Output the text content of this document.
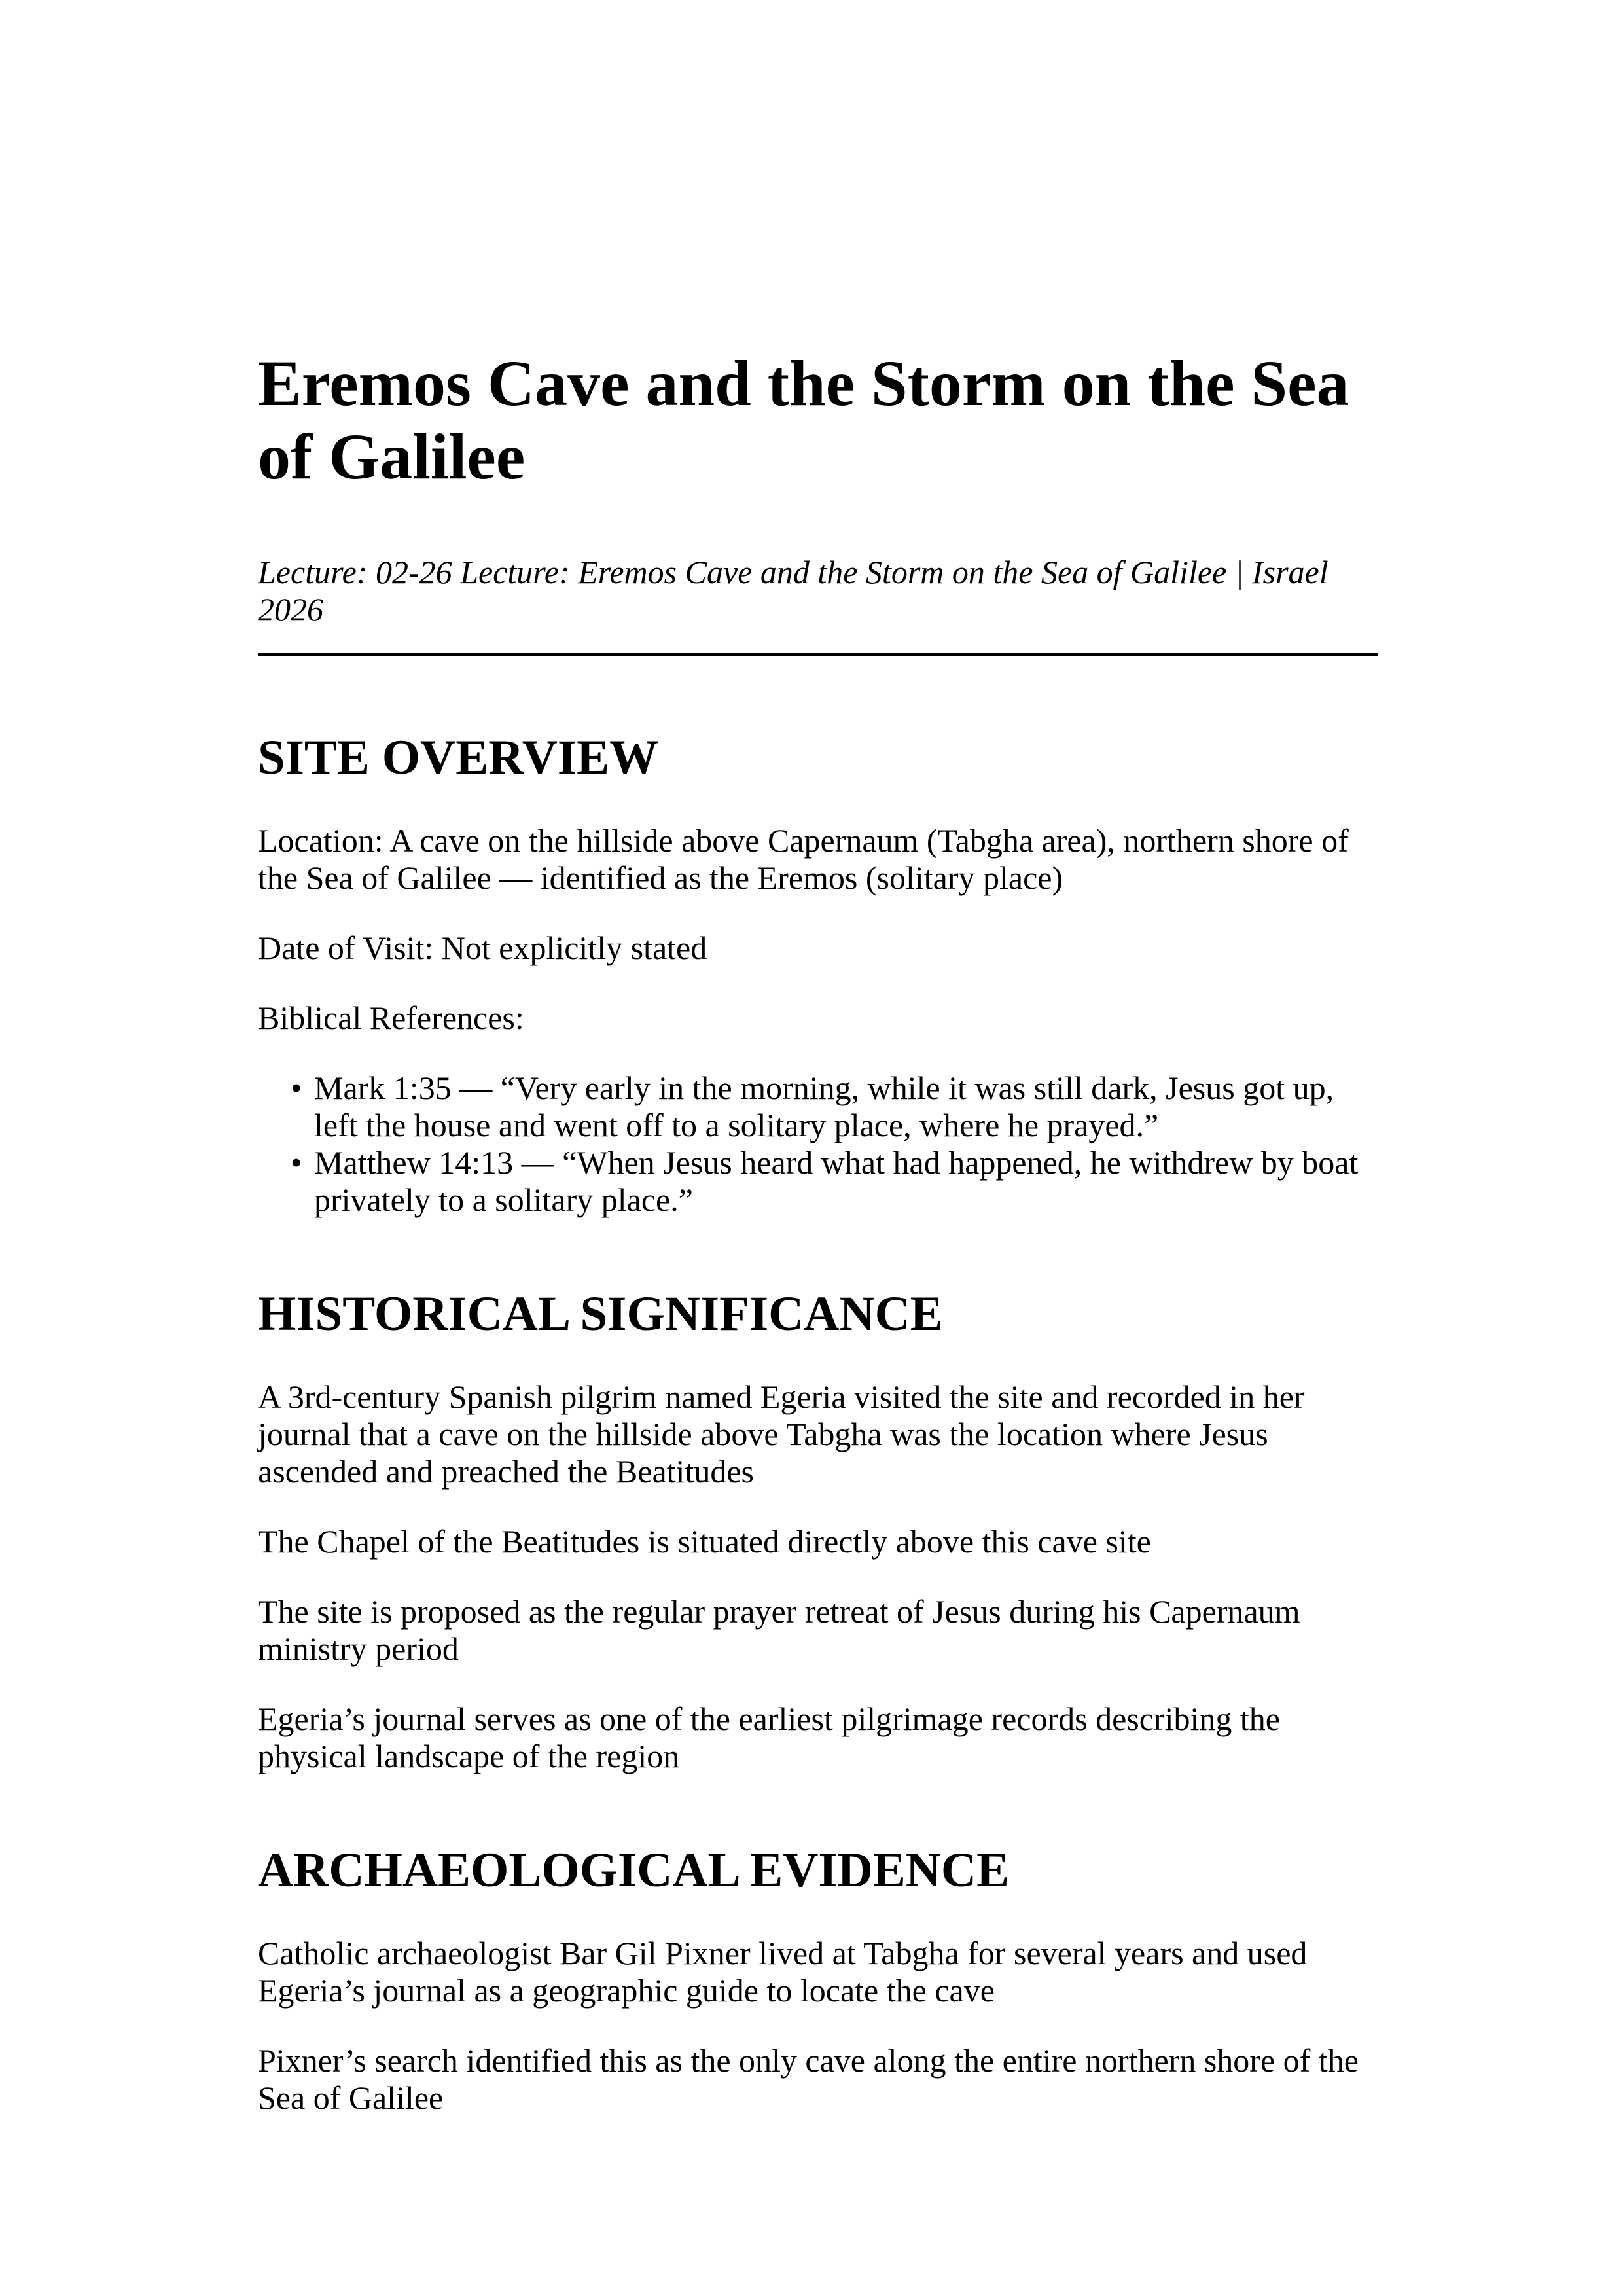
Eremos Cave and the Storm on the Sea of Galilee

Lecture: 02-26 Lecture: Eremos Cave and the Storm on the Sea of Galilee | Israel 2026

SITE OVERVIEW

Location: A cave on the hillside above Capernaum (Tabgha area), northern shore of the Sea of Galilee — identified as the Eremos (solitary place)

Date of Visit: Not explicitly stated

Biblical References:

• Mark 1:35 — “Very early in the morning, while it was still dark, Jesus got up, left the house and went off to a solitary place, where he prayed.”
• Matthew 14:13 — “When Jesus heard what had happened, he withdrew by boat privately to a solitary place.”
HISTORICAL SIGNIFICANCE

A 3rd-century Spanish pilgrim named Egeria visited the site and recorded in her journal that a cave on the hillside above Tabgha was the location where Jesus ascended and preached the Beatitudes

The Chapel of the Beatitudes is situated directly above this cave site

The site is proposed as the regular prayer retreat of Jesus during his Capernaum ministry period

Egeria’s journal serves as one of the earliest pilgrimage records describing the physical landscape of the region

ARCHAEOLOGICAL EVIDENCE

Catholic archaeologist Bar Gil Pixner lived at Tabgha for several years and used Egeria’s journal as a geographic guide to locate the cave

Pixner’s search identified this as the only cave along the entire northern shore of the Sea of Galilee
